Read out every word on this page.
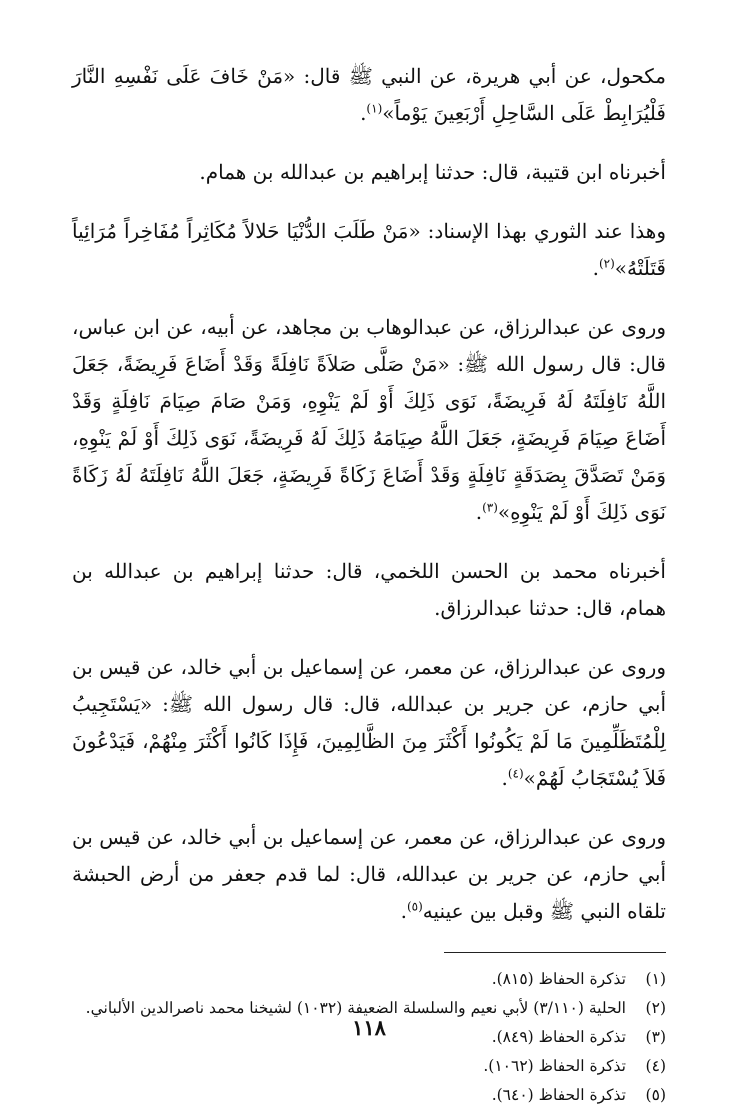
مكحول، عن أبي هريرة، عن النبي ﷺ قال: «مَنْ خَافَ عَلَى نَفْسِهِ النَّارَ فَلْيُرَابِطْ عَلَى السَّاحِلِ أَرْبَعِينَ يَوْماً»$^{(١)}$.

أخبرناه ابن قتيبة، قال: حدثنا إبراهيم بن عبدالله بن همام.

وهذا عند الثوري بهذا الإسناد: «مَنْ طَلَبَ الدُّنْيَا حَلالاً مُكَاثِراً مُفَاخِراً مُرَائِياً قَتَلَتْهُ»$^{(٢)}$.

وروى عن عبدالرزاق، عن عبدالوهاب بن مجاهد، عن أبيه، عن ابن عباس، قال: قال رسول الله ﷺ: «مَنْ صَلَّى صَلاَةً نَافِلَةً وَقَدْ أَضَاعَ فَرِيضَةً، جَعَلَ اللَّهُ نَافِلَتَهُ لَهُ فَرِيضَةً، نَوَى ذَلِكَ أَوْ لَمْ يَنْوِهِ، وَمَنْ صَامَ صِيَامَ نَافِلَةٍ وَقَدْ أَضَاعَ صِيَامَ فَرِيضَةٍ، جَعَلَ اللَّهُ صِيَامَهُ ذَلِكَ لَهُ فَرِيضَةً، نَوَى ذَلِكَ أَوْ لَمْ يَنْوِهِ، وَمَنْ تَصَدَّقَ بِصَدَقَةٍ نَافِلَةٍ وَقَدْ أَضَاعَ زَكَاةً فَرِيضَةٍ، جَعَلَ اللَّهُ نَافِلَتَهُ لَهُ زَكَاةً نَوَى ذَلِكَ أَوْ لَمْ يَنْوِهِ»$^{(٣)}$.

أخبرناه محمد بن الحسن اللخمي، قال: حدثنا إبراهيم بن عبدالله بن همام، قال: حدثنا عبدالرزاق.

وروى عن عبدالرزاق، عن معمر، عن إسماعيل بن أبي خالد، عن قيس بن أبي حازم، عن جرير بن عبدالله، قال: قال رسول الله ﷺ: «يَسْتَجِيبُ لِلْمُتَظَلِّمِينَ مَا لَمْ يَكُونُوا أَكْثَرَ مِنَ الظَّالِمِينَ، فَإِذَا كَانُوا أَكْثَرَ مِنْهُمْ، فَيَدْعُونَ فَلاَ يُسْتَجَابُ لَهُمْ»$^{(٤)}$.

وروى عن عبدالرزاق، عن معمر، عن إسماعيل بن أبي خالد، عن قيس بن أبي حازم، عن جرير بن عبدالله، قال: لما قدم جعفر من أرض الحبشة تلقاه النبي ﷺ وقبل بين عينيه$^{(٥)}$.

(١)تذكرة الحفاظ (٨١٥).
(٢)الحلية (٣/١١٠) لأبي نعيم والسلسلة الضعيفة (١٠٣٢) لشيخنا محمد ناصرالدين الألباني.
(٣)تذكرة الحفاظ (٨٤٩).
(٤)تذكرة الحفاظ (١٠٦٢).
(٥)تذكرة الحفاظ (٦٤٠).
١١٨
